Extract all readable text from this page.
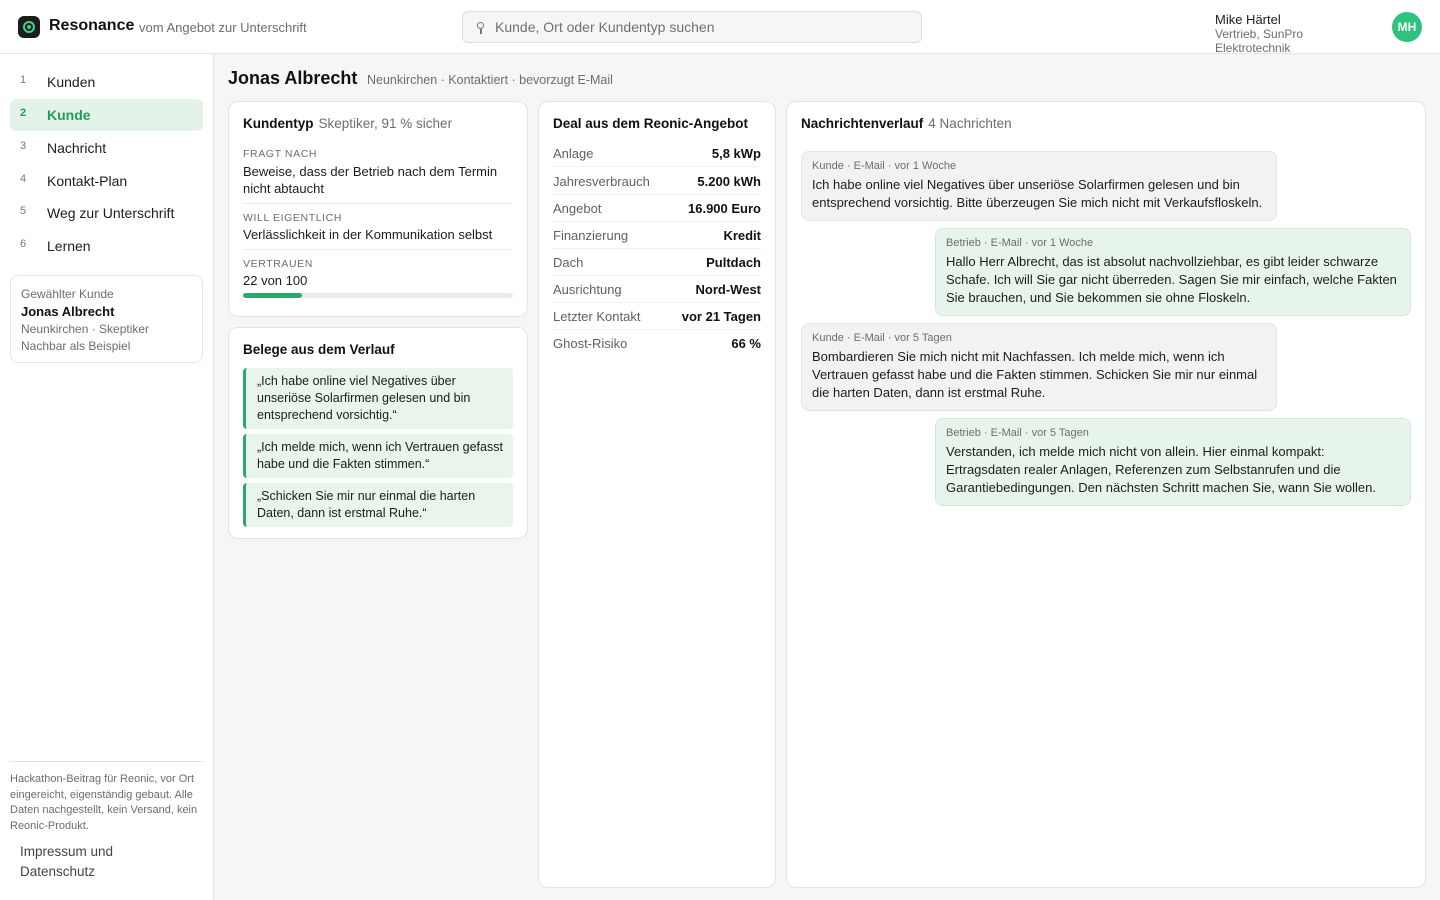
Resonance vom Angebot zur Unterschrift
Kunde, Ort oder Kundentyp suchen
Mike Härtel
Vertrieb, SunPro Elektrotechnik
MH
1 Kunden
2 Kunde
3 Nachricht
4 Kontakt-Plan
5 Weg zur Unterschrift
6 Lernen
Gewählter Kunde
Jonas Albrecht
Neunkirchen · Skeptiker
Nachbar als Beispiel
Hackathon-Beitrag für Reonic, vor Ort eingereicht, eigenständig gebaut. Alle Daten nachgestellt, kein Versand, kein Reonic-Produkt.
Impressum und Datenschutz
Jonas Albrecht Neunkirchen · Kontaktiert · bevorzugt E-Mail
Kundentyp Skeptiker, 91 % sicher
FRAGT NACH
Beweise, dass der Betrieb nach dem Termin nicht abtaucht
WILL EIGENTLICH
Verlässlichkeit in der Kommunikation selbst
VERTRAUEN
22 von 100
Belege aus dem Verlauf
„Ich habe online viel Negatives über unseriöse Solarfirmen gelesen und bin entsprechend vorsichtig.“
„Ich melde mich, wenn ich Vertrauen gefasst habe und die Fakten stimmen.“
„Schicken Sie mir nur einmal die harten Daten, dann ist erstmal Ruhe.“
Deal aus dem Reonic-Angebot
Anlage	5,8 kWp
Jahresverbrauch	5.200 kWh
Angebot	16.900 Euro
Finanzierung	Kredit
Dach	Pultdach
Ausrichtung	Nord-West
Letzter Kontakt	vor 21 Tagen
Ghost-Risiko	66 %
Nachrichtenverlauf 4 Nachrichten
Kunde · E-Mail · vor 1 Woche
Ich habe online viel Negatives über unseriöse Solarfirmen gelesen und bin entsprechend vorsichtig. Bitte überzeugen Sie mich nicht mit Verkaufsfloskeln.
Betrieb · E-Mail · vor 1 Woche
Hallo Herr Albrecht, das ist absolut nachvollziehbar, es gibt leider schwarze Schafe. Ich will Sie gar nicht überreden. Sagen Sie mir einfach, welche Fakten Sie brauchen, und Sie bekommen sie ohne Floskeln.
Kunde · E-Mail · vor 5 Tagen
Bombardieren Sie mich nicht mit Nachfassen. Ich melde mich, wenn ich Vertrauen gefasst habe und die Fakten stimmen. Schicken Sie mir nur einmal die harten Daten, dann ist erstmal Ruhe.
Betrieb · E-Mail · vor 5 Tagen
Verstanden, ich melde mich nicht von allein. Hier einmal kompakt: Ertragsdaten realer Anlagen, Referenzen zum Selbstanrufen und die Garantiebedingungen. Den nächsten Schritt machen Sie, wann Sie wollen.
